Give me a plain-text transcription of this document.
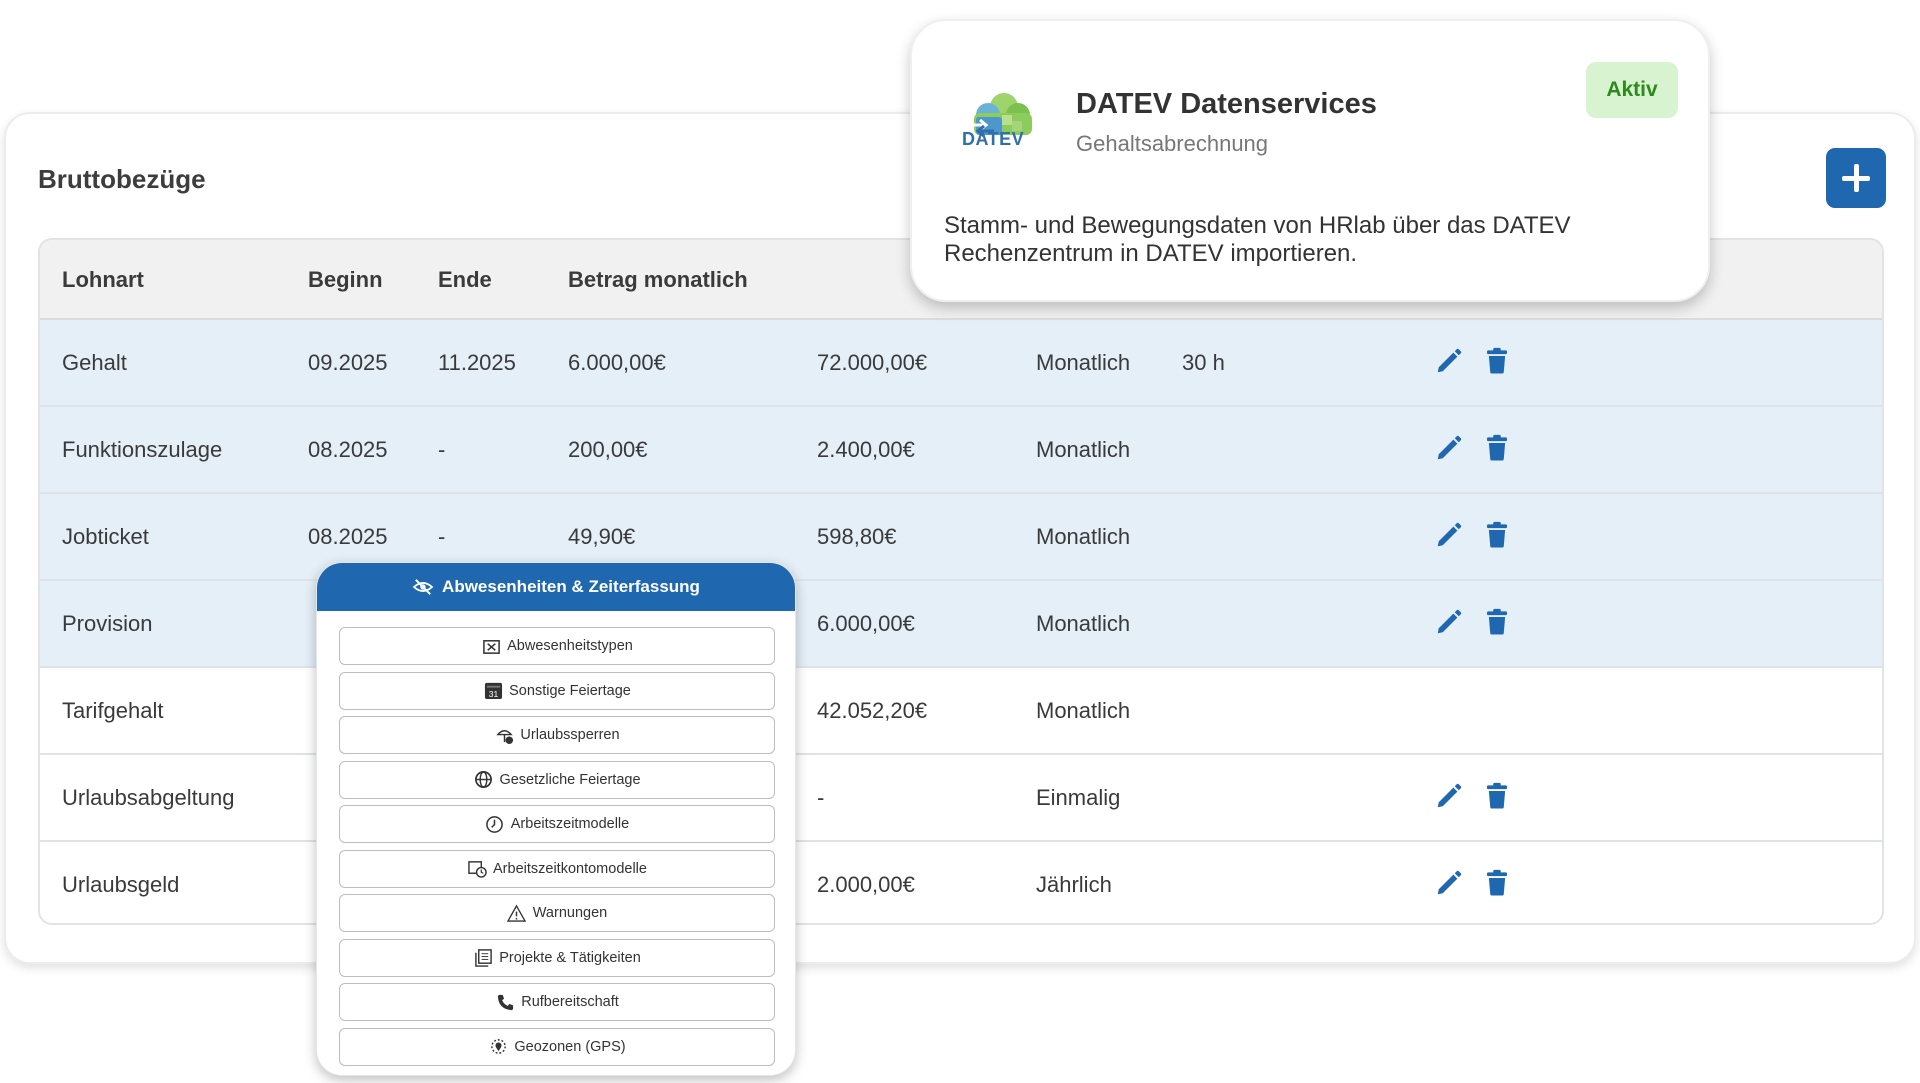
Bruttobezüge
Lohnart	Beginn	Ende	Betrag monatlich
Gehalt	09.2025 11.2025 6.000,00€	72.000,00€	Monatlich 30 h
Funktionszulage	08.2025 -	200,00€	2.400,00€	Monatlich
Jobticket	08.2025 -	49,90€	598,80€	Monatlich
Provision	6.000,00€	Monatlich
Tarifgehalt	42.052,20€	Monatlich
Urlaubsabgeltung	-	Einmalig
Urlaubsgeld	2.000,00€	Jährlich
DATEV
DATEV Datenservices
Gehaltsabrechnung
Aktiv
Stamm- und Bewegungsdaten von HRlab über das DATEV Rechenzentrum in DATEV importieren.
Abwesenheiten & Zeiterfassung
Abwesenheitstypen
31 Sonstige Feiertage
Urlaubssperren
Gesetzliche Feiertage
Arbeitszeitmodelle
Arbeitszeitkontomodelle
Warnungen
Projekte & Tätigkeiten
Rufbereitschaft
Geozonen (GPS)
